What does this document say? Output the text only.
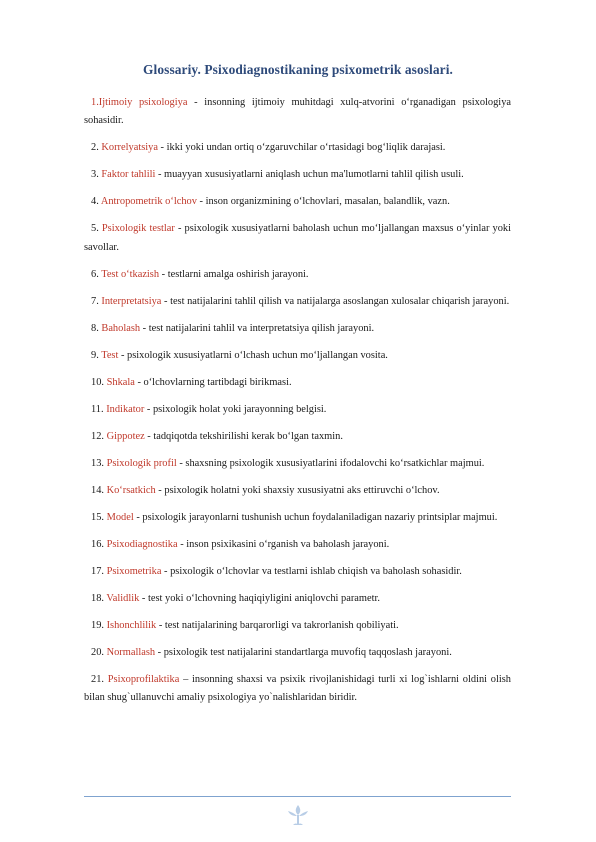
Glossariy. Psixodiagnostikaning psixometrik asoslari.

1.Ijtimoiy psixologiya - insonning ijtimoiy muhitdagi xulq-atvorini o‘rganadigan psixologiya sohasidir.

2. Korrelyatsiya - ikki yoki undan ortiq o‘zgaruvchilar o‘rtasidagi bog‘liqlik darajasi.

3. Faktor tahlili - muayyan xususiyatlarni aniqlash uchun ma'lumotlarni tahlil qilish usuli.

4. Antropometrik o‘lchov - inson organizmining o‘lchovlari, masalan, balandlik, vazn.

5. Psixologik testlar - psixologik xususiyatlarni baholash uchun mo‘ljallangan maxsus o‘yinlar yoki savollar.

6. Test o‘tkazish - testlarni amalga oshirish jarayoni.

7. Interpretatsiya - test natijalarini tahlil qilish va natijalarga asoslangan xulosalar chiqarish jarayoni.

8. Baholash - test natijalarini tahlil va interpretatsiya qilish jarayoni.

9. Test - psixologik xususiyatlarni o‘lchash uchun mo‘ljallangan vosita.

10. Shkala - o‘lchovlarning tartibdagi birikmasi.

11. Indikator - psixologik holat yoki jarayonning belgisi.

12. Gippotez - tadqiqotda tekshirilishi kerak bo‘lgan taxmin.

13. Psixologik profil - shaxsning psixologik xususiyatlarini ifodalovchi ko‘rsatkichlar majmui.

14. Ko‘rsatkich - psixologik holatni yoki shaxsiy xususiyatni aks ettiruvchi o‘lchov.

15. Model - psixologik jarayonlarni tushunish uchun foydalaniladigan nazariy printsiplar majmui.

16. Psixodiagnostika - inson psixikasini o‘rganish va baholash jarayoni.

17. Psixometrika - psixologik o‘lchovlar va testlarni ishlab chiqish va baholash sohasidir.

18. Validlik - test yoki o‘lchovning haqiqiyligini aniqlovchi parametr.

19. Ishonchlilik - test natijalarining barqarorligi va takrorlanish qobiliyati.

20. Normallash - psixologik test natijalarini standartlarga muvofiq taqqoslash jarayoni.

21. Psixoprofilaktika – insonning shaxsi va psixik rivojlanishidagi turli xi log`ishlarni oldini olish bilan shug`ullanuvchi amaliy psixologiya yo`nalishlaridan biridir.
